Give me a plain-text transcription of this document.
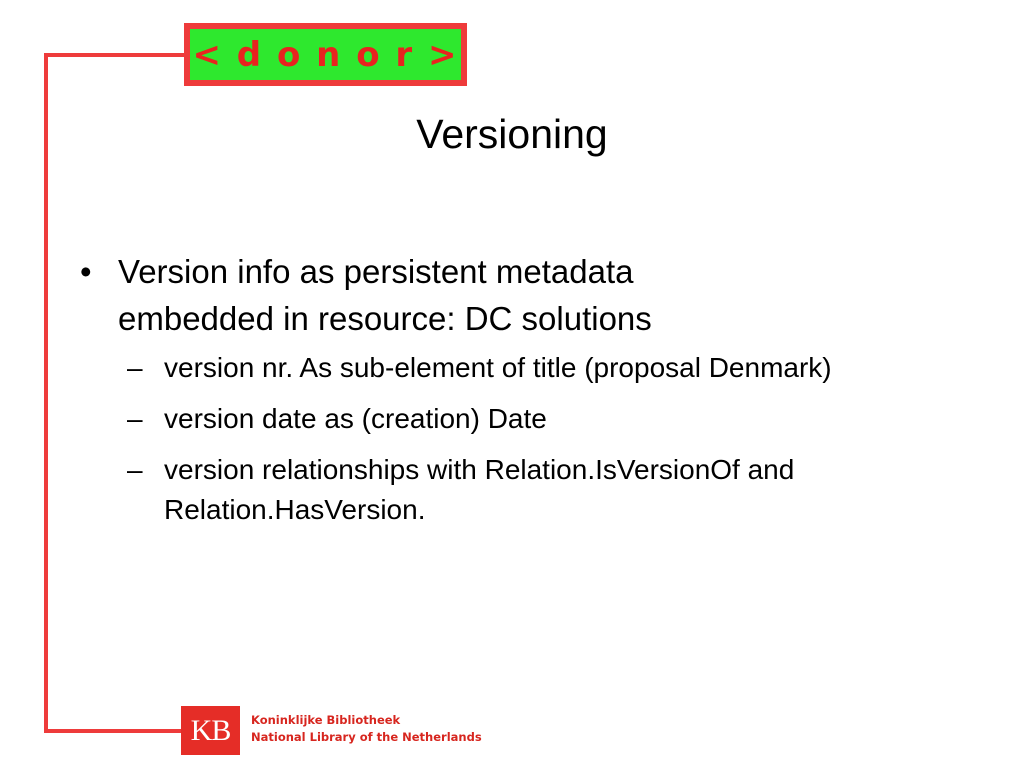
< d o n o r >
Versioning
• Version info as persistent metadata embedded in resource: DC solutions
– version nr. As sub-element of title (proposal Denmark)
– version date as (creation) Date
– version relationships with Relation.IsVersionOf and Relation.HasVersion.
KB Koninklijke Bibliotheek
National Library of the Netherlands
